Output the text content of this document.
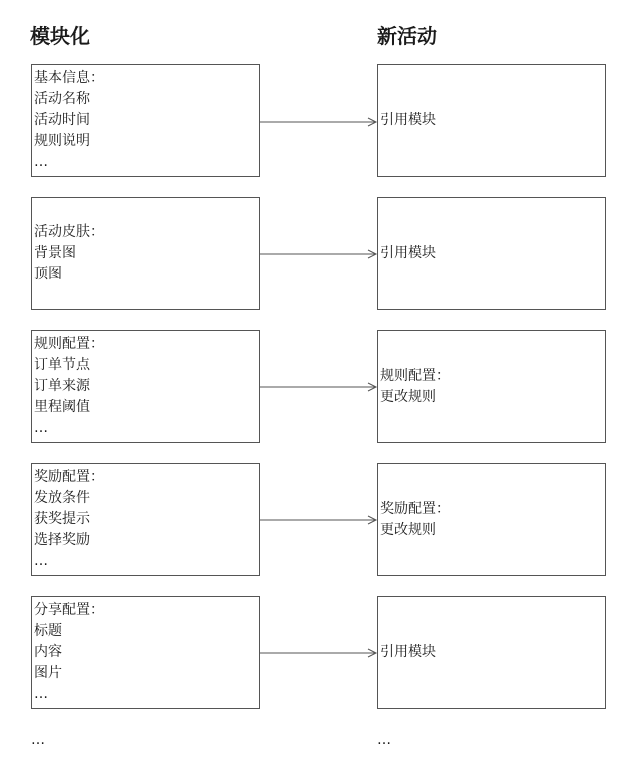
模块化	新活动
基本信息：
活动名称
活动时间
规则说明
…
引用模块
活动皮肤：
背景图
顶图
引用模块
规则配置：
订单节点
订单来源
里程阈值
…
规则配置：
更改规则
奖励配置：
发放条件
获奖提示
选择奖励
…
奖励配置：
更改规则
分享配置：
标题
内容
图片
…
引用模块
…	…
